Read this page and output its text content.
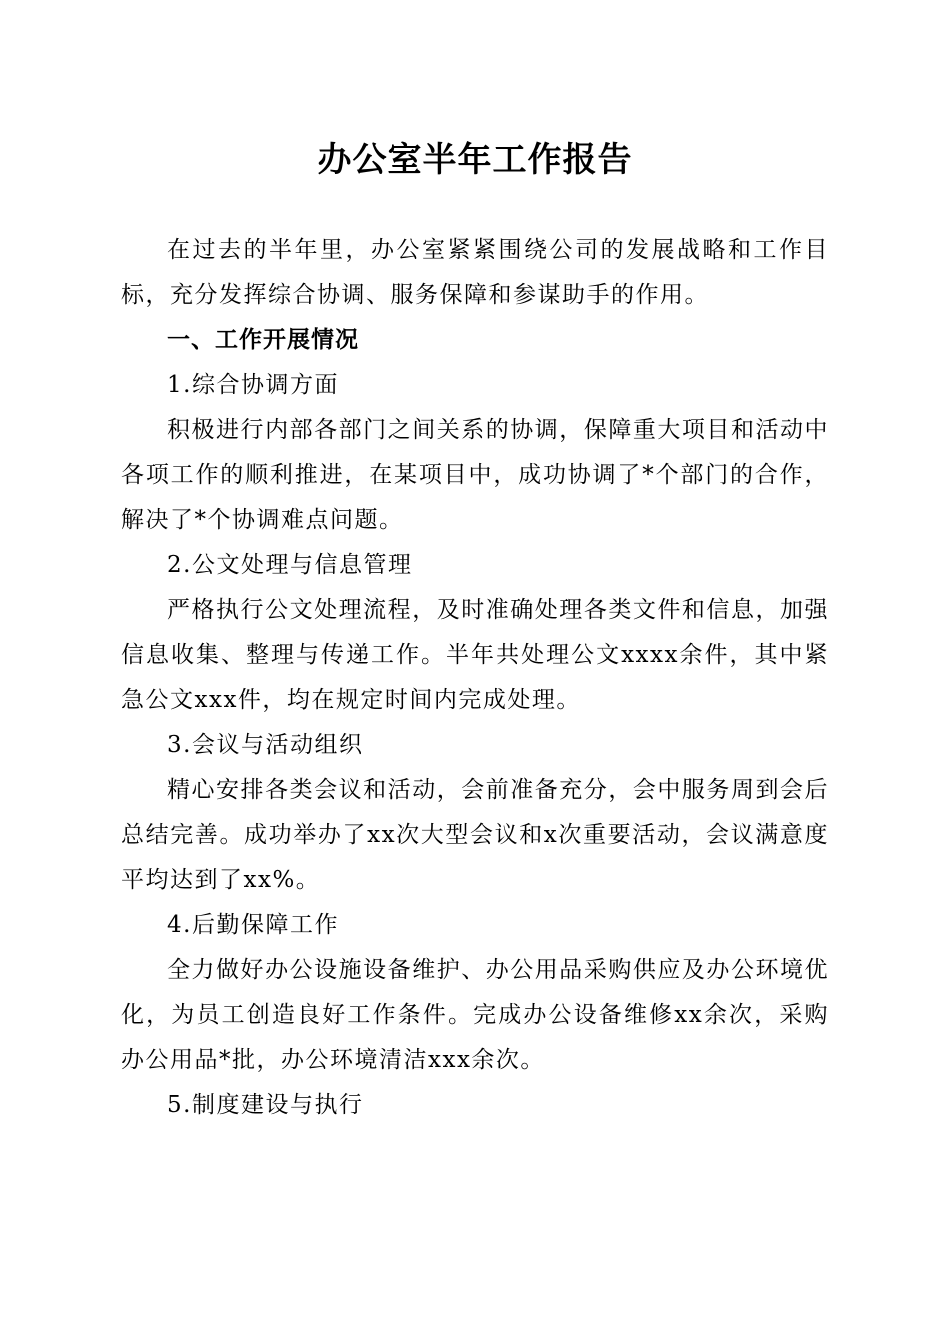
办公室半年工作报告

在过去的半年里，办公室紧紧围绕公司的发展战略和工作目标，充分发挥综合协调、服务保障和参谋助手的作用。

一、工作开展情况

1.综合协调方面

积极进行内部各部门之间关系的协调，保障重大项目和活动中各项工作的顺利推进，在某项目中，成功协调了*个部门的合作，解决了*个协调难点问题。

2.公文处理与信息管理

严格执行公文处理流程，及时准确处理各类文件和信息，加强信息收集、整理与传递工作。半年共处理公文xxxx余件，其中紧急公文xxx件，均在规定时间内完成处理。

3.会议与活动组织

精心安排各类会议和活动，会前准备充分，会中服务周到会后总结完善。成功举办了xx次大型会议和x次重要活动，会议满意度平均达到了xx%。

4.后勤保障工作

全力做好办公设施设备维护、办公用品采购供应及办公环境优化，为员工创造良好工作条件。完成办公设备维修xx余次，采购办公用品*批，办公环境清洁xxx余次。

5.制度建设与执行
